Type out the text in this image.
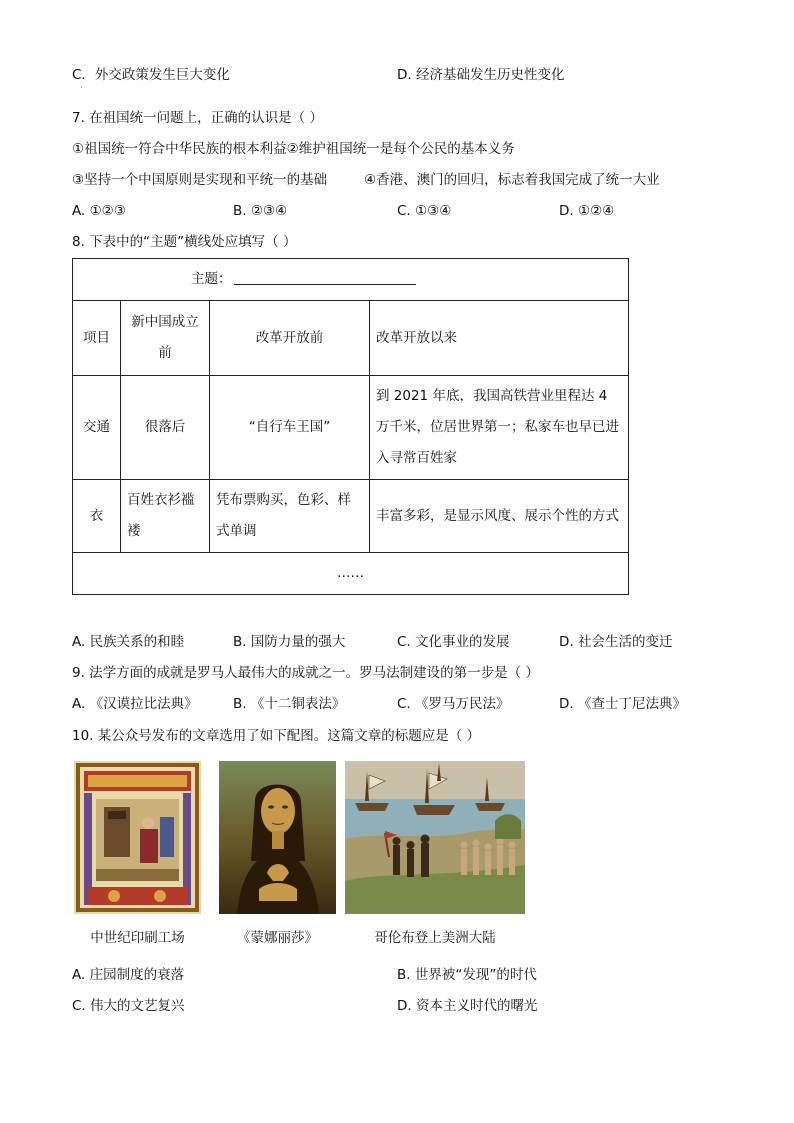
C．外交政策发生巨大变化
·
D. 经济基础发生历史性变化
7. 在祖国统一问题上，正确的认识是（ ）
①祖国统一符合中华民族的根本利益②维护祖国统一是每个公民的基本义务
③坚持一个中国原则是实现和平统一的基础	④香港、澳门的回归，标志着我国完成了统一大业
A. ①②③	B. ②③④	C. ①③④	D. ①②④
8. 下表中的“主题”横线处应填写（ ）
主题：			
项目	新中国成立前	改革开放前	改革开放以来
交通	很落后	“自行车王国”	到 2021 年底，我国高铁营业里程达 4 万千米，位居世界第一；私家车也早已进入寻常百姓家
衣	百姓衣衫褴褛	凭布票购买，色彩、样式单调	丰富多彩，是显示风度、展示个性的方式
……			
A. 民族关系的和睦	B. 国防力量的强大	C. 文化事业的发展	D. 社会生活的变迁
9. 法学方面的成就是罗马人最伟大的成就之一。罗马法制建设的第一步是（ ）
A. 《汉谟拉比法典》	B. 《十二铜表法》	C. 《罗马万民法》	D. 《查士丁尼法典》
10. 某公众号发布的文章选用了如下配图。这篇文章的标题应是（ ）
中世纪印刷工场	《蒙娜丽莎》	哥伦布登上美洲大陆
A. 庄园制度的衰落	B. 世界被“发现”的时代
C. 伟大的文艺复兴	D. 资本主义时代的曙光
